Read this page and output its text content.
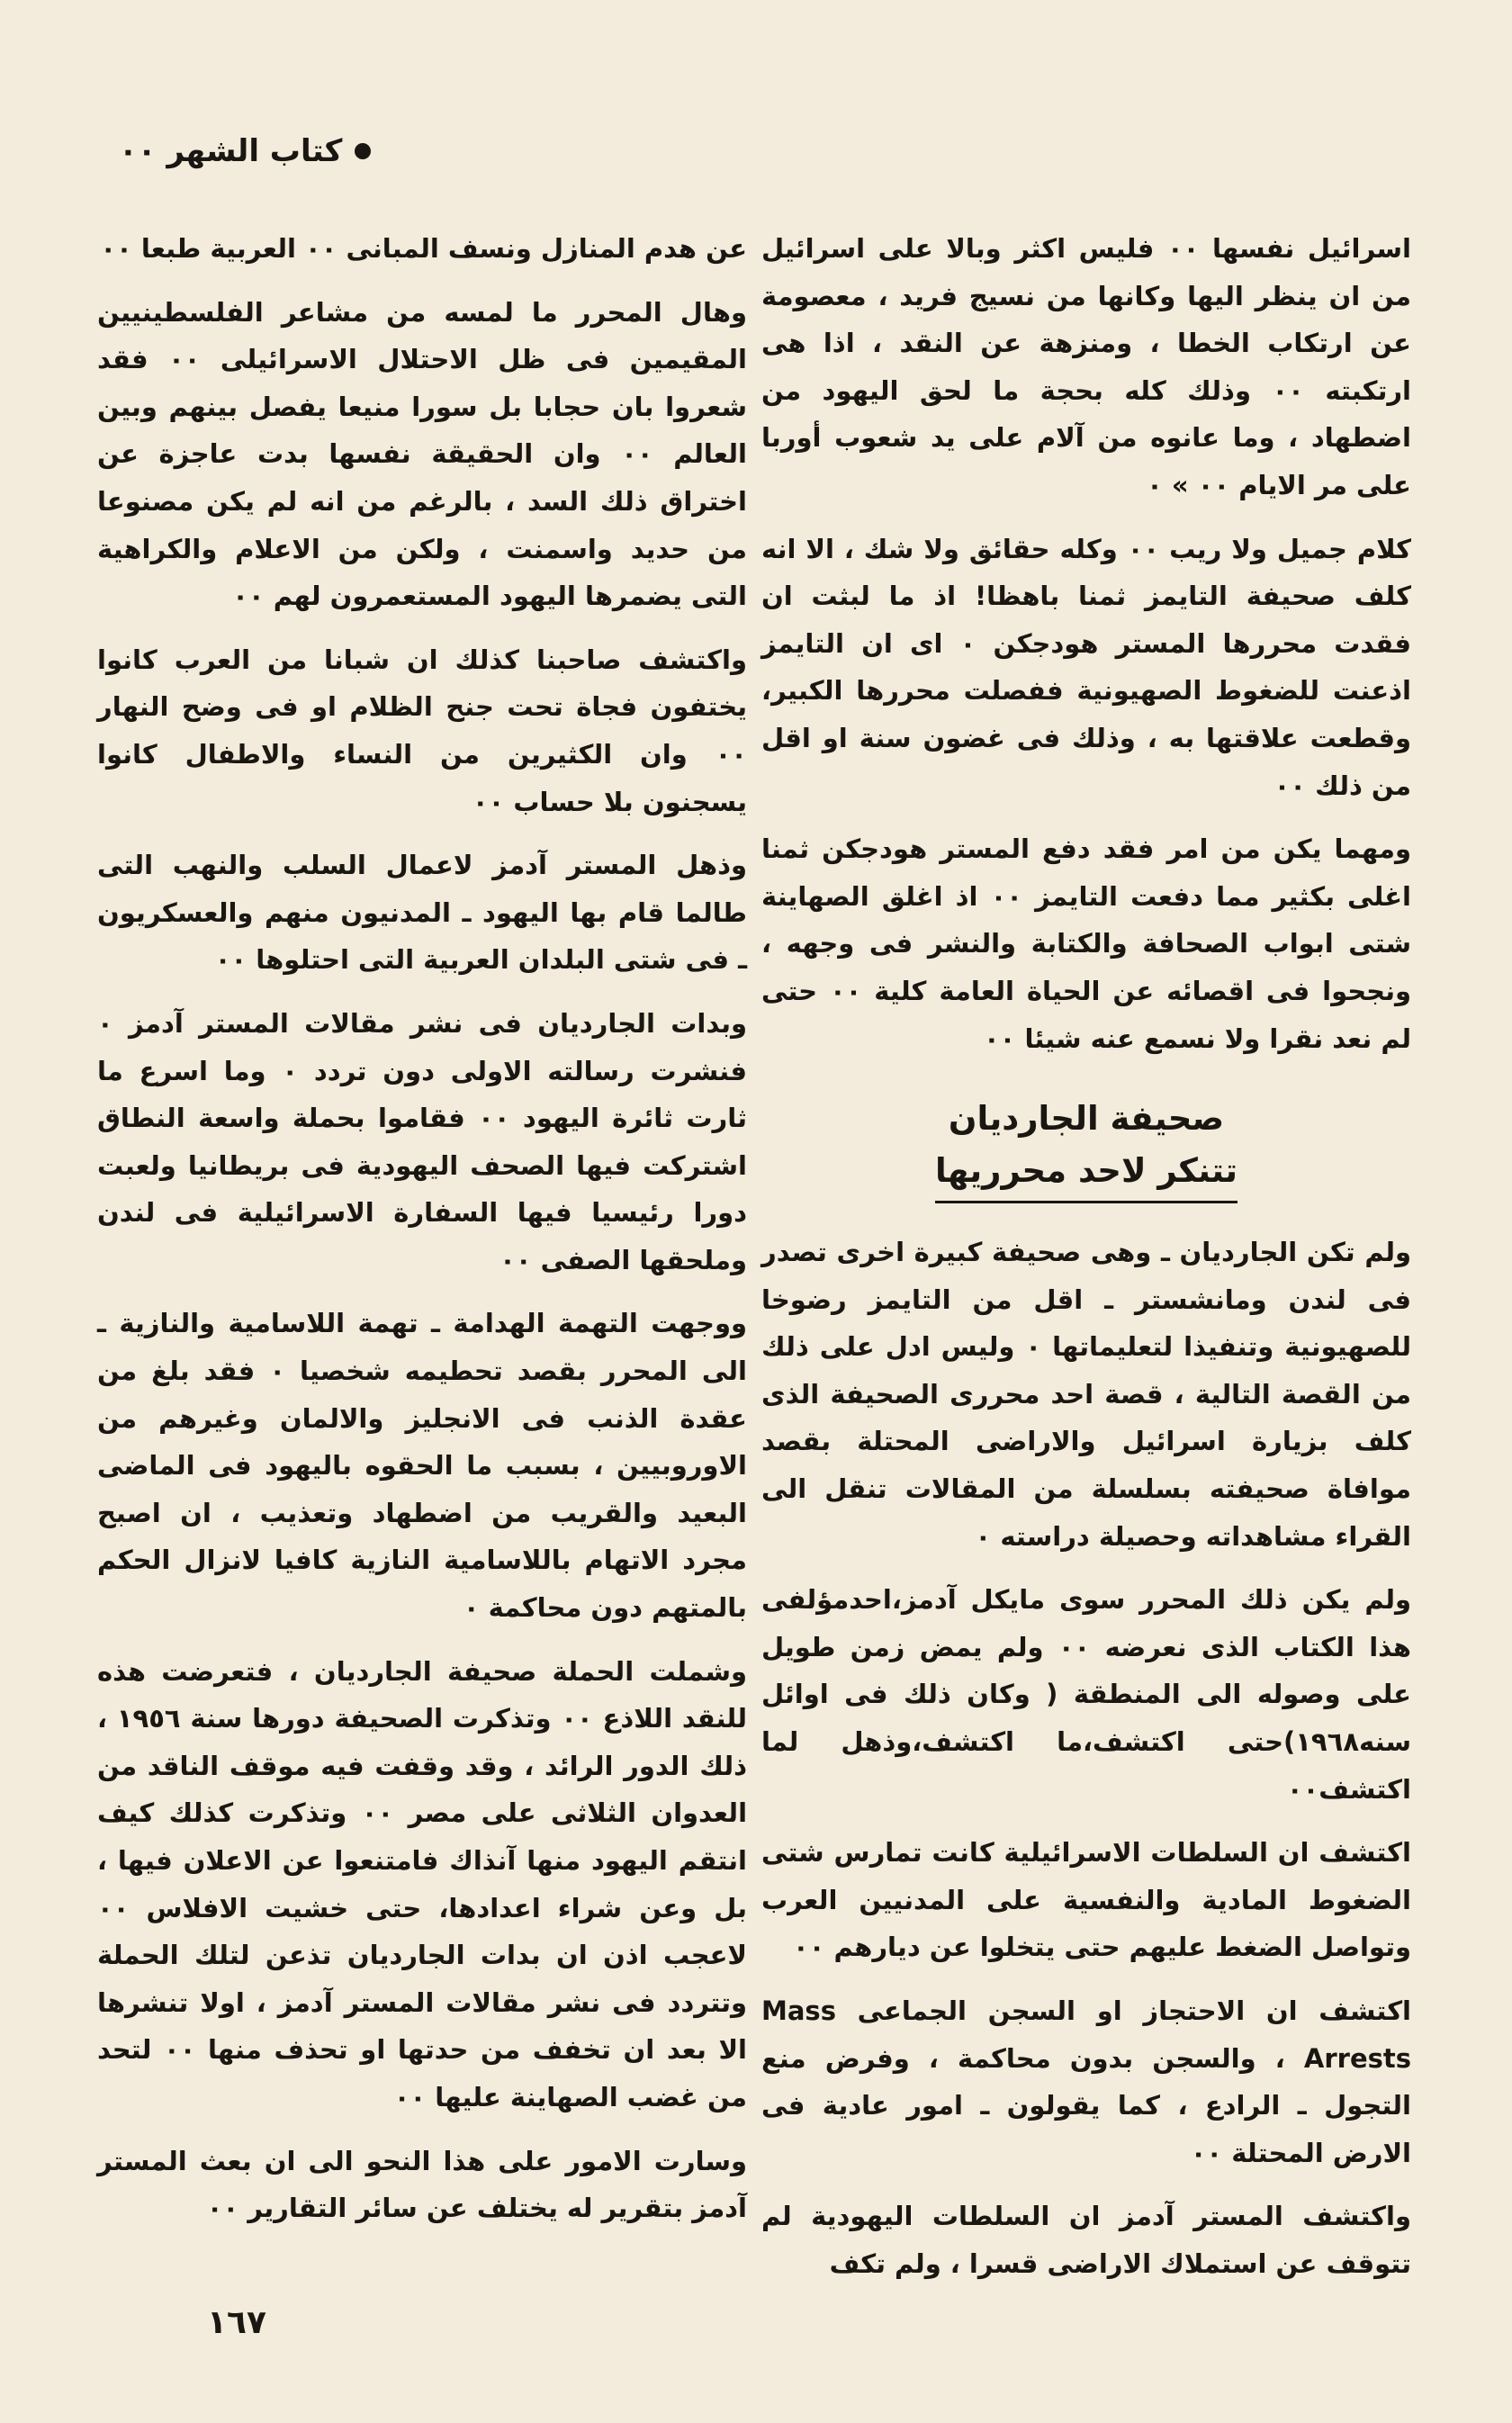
كتاب الشهر ٠٠

اسرائيل نفسها ٠٠ فليس اكثر وبالا على اسرائيل من ان ينظر اليها وكانها من نسيج فريد ، معصومة عن ارتكاب الخطا ، ومنزهة عن النقد ، اذا هى ارتكبته ٠٠ وذلك كله بحجة ما لحق اليهود من اضطهاد ، وما عانوه من آلام على يد شعوب أوربا على مر الايام ٠٠ » ٠

كلام جميل ولا ريب ٠٠ وكله حقائق ولا شك ، الا انه كلف صحيفة التايمز ثمنا باهظا! اذ ما لبثت ان فقدت محررها المستر هودجكن ٠ اى ان التايمز اذعنت للضغوط الصهيونية ففصلت محررها الكبير، وقطعت علاقتها به ، وذلك فى غضون سنة او اقل من ذلك ٠٠

ومهما يكن من امر فقد دفع المستر هودجكن ثمنا اغلى بكثير مما دفعت التايمز ٠٠ اذ اغلق الصهاينة شتى ابواب الصحافة والكتابة والنشر فى وجهه ، ونجحوا فى اقصائه عن الحياة العامة كلية ٠٠ حتى لم نعد نقرا ولا نسمع عنه شيئا ٠٠

صحيفة الجارديان
تتنكر لاحد محرريها

ولم تكن الجارديان ـ وهى صحيفة كبيرة اخرى تصدر فى لندن ومانشستر ـ اقل من التايمز رضوخا للصهيونية وتنفيذا لتعليماتها ٠ وليس ادل على ذلك من القصة التالية ، قصة احد محررى الصحيفة الذى كلف بزيارة اسرائيل والاراضى المحتلة بقصد موافاة صحيفته بسلسلة من المقالات تنقل الى القراء مشاهداته وحصيلة دراسته ٠

ولم يكن ذلك المحرر سوى مايكل آدمز،احدمؤلفى هذا الكتاب الذى نعرضه ٠٠ ولم يمض زمن طويل على وصوله الى المنطقة ( وكان ذلك فى اوائل سنه١٩٦٨)حتى اكتشف،ما اكتشف،وذهل لما اكتشف٠٠

اكتشف ان السلطات الاسرائيلية كانت تمارس شتى الضغوط المادية والنفسية على المدنيين العرب وتواصل الضغط عليهم حتى يتخلوا عن ديارهم ٠٠

اكتشف ان الاحتجاز او السجن الجماعى Mass Arrests ، والسجن بدون محاكمة ، وفرض منع التجول ـ الرادع ، كما يقولون ـ امور عادية فى الارض المحتلة ٠٠

واكتشف المستر آدمز ان السلطات اليهودية لم تتوقف عن استملاك الاراضى قسرا ، ولم تكف

عن هدم المنازل ونسف المبانى ٠٠ العربية طبعا ٠٠

وهال المحرر ما لمسه من مشاعر الفلسطينيين المقيمين فى ظل الاحتلال الاسرائيلى ٠٠ فقد شعروا بان حجابا بل سورا منيعا يفصل بينهم وبين العالم ٠٠ وان الحقيقة نفسها بدت عاجزة عن اختراق ذلك السد ، بالرغم من انه لم يكن مصنوعا من حديد واسمنت ، ولكن من الاعلام والكراهية التى يضمرها اليهود المستعمرون لهم ٠٠

واكتشف صاحبنا كذلك ان شبانا من العرب كانوا يختفون فجاة تحت جنح الظلام او فى وضح النهار ٠٠ وان الكثيرين من النساء والاطفال كانوا يسجنون بلا حساب ٠٠

وذهل المستر آدمز لاعمال السلب والنهب التى طالما قام بها اليهود ـ المدنيون منهم والعسكريون ـ فى شتى البلدان العربية التى احتلوها ٠٠

وبدات الجارديان فى نشر مقالات المستر آدمز ٠ فنشرت رسالته الاولى دون تردد ٠ وما اسرع ما ثارت ثائرة اليهود ٠٠ فقاموا بحملة واسعة النطاق اشتركت فيها الصحف اليهودية فى بريطانيا ولعبت دورا رئيسيا فيها السفارة الاسرائيلية فى لندن وملحقها الصفى ٠٠

ووجهت التهمة الهدامة ـ تهمة اللاسامية والنازية ـ الى المحرر بقصد تحطيمه شخصيا ٠ فقد بلغ من عقدة الذنب فى الانجليز والالمان وغيرهم من الاوروبيين ، بسبب ما الحقوه باليهود فى الماضى البعيد والقريب من اضطهاد وتعذيب ، ان اصبح مجرد الاتهام باللاسامية النازية كافيا لانزال الحكم بالمتهم دون محاكمة ٠

وشملت الحملة صحيفة الجارديان ، فتعرضت هذه للنقد اللاذع ٠٠ وتذكرت الصحيفة دورها سنة ١٩٥٦ ، ذلك الدور الرائد ، وقد وقفت فيه موقف الناقد من العدوان الثلاثى على مصر ٠٠ وتذكرت كذلك كيف انتقم اليهود منها آنذاك فامتنعوا عن الاعلان فيها ، بل وعن شراء اعدادها، حتى خشيت الافلاس ٠٠ لاعجب اذن ان بدات الجارديان تذعن لتلك الحملة وتتردد فى نشر مقالات المستر آدمز ، اولا تنشرها الا بعد ان تخفف من حدتها او تحذف منها ٠٠ لتحد من غضب الصهاينة عليها ٠٠

وسارت الامور على هذا النحو الى ان بعث المستر آدمز بتقرير له يختلف عن سائر التقارير ٠٠

١٦٧
